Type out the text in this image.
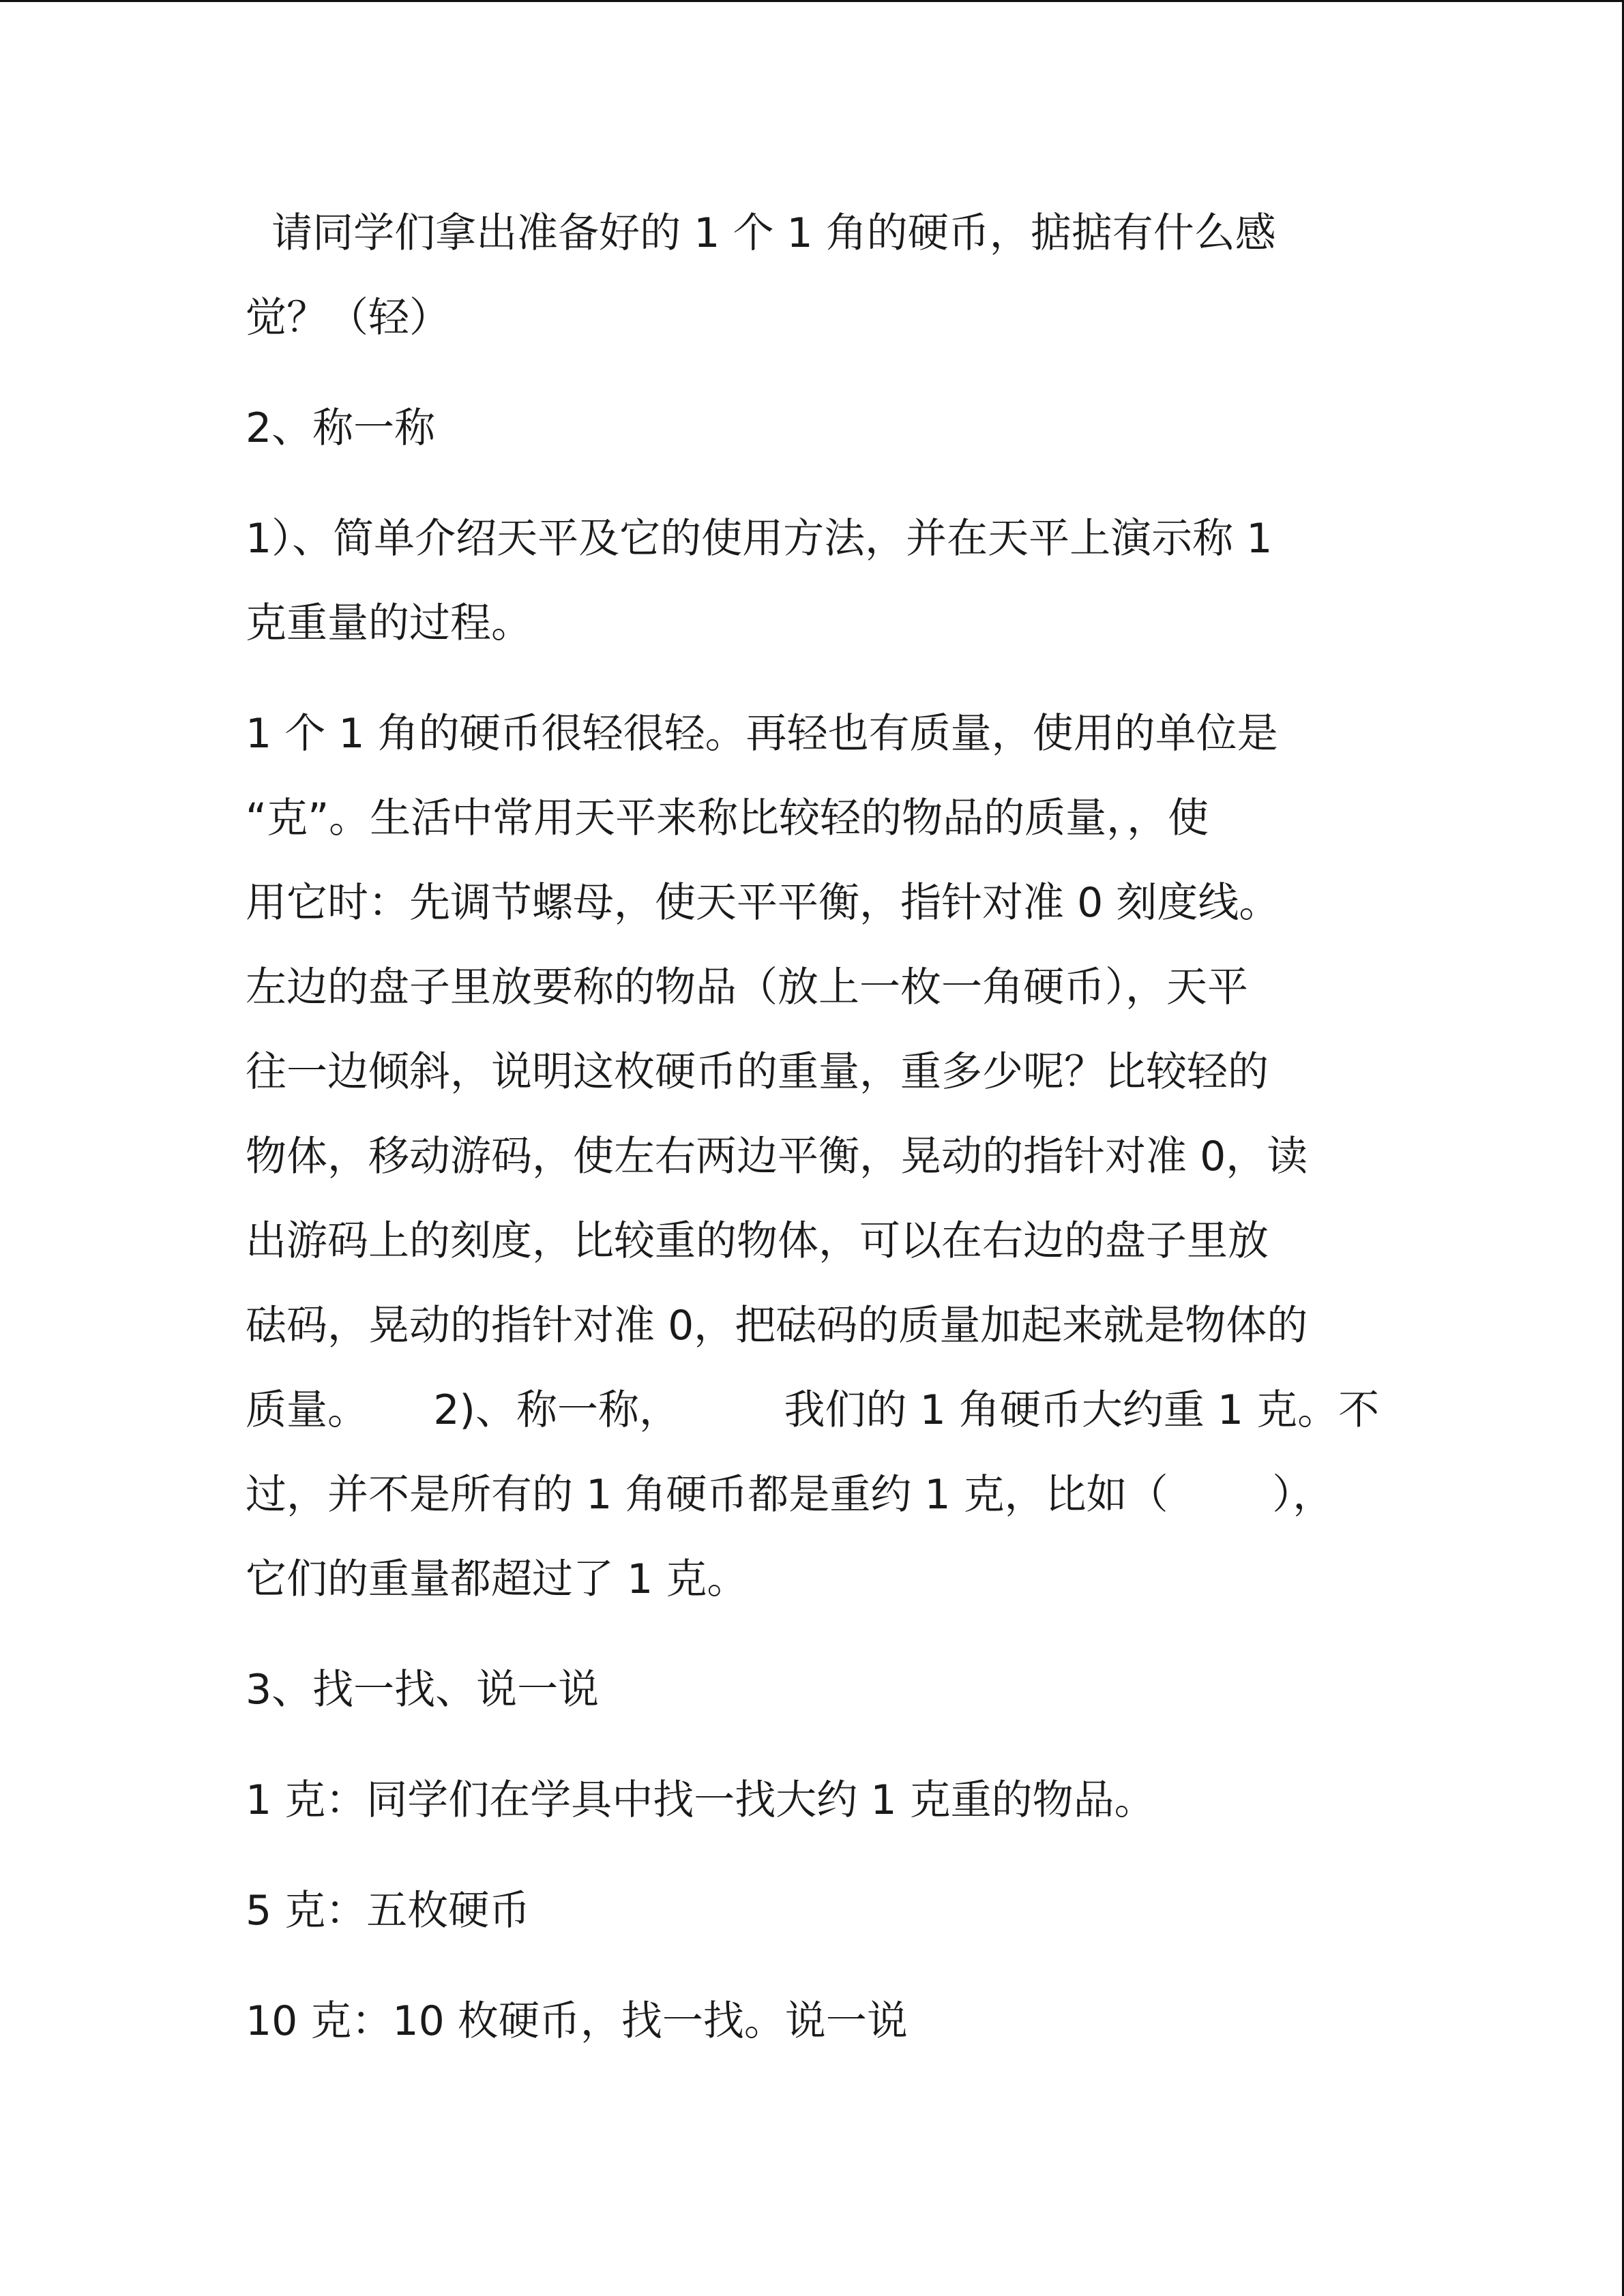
请同学们拿出准备好的 1 个 1 角的硬币，掂掂有什么感
觉？（轻）
2、称一称
1）、简单介绍天平及它的使用方法，并在天平上演示称 1
克重量的过程。
1 个 1 角的硬币很轻很轻。再轻也有质量，使用的单位是
“克”。生活中常用天平来称比较轻的物品的质量，，使
用它时：先调节螺母，使天平平衡，指针对准 0 刻度线。
左边的盘子里放要称的物品（放上一枚一角硬币），天平
往一边倾斜，说明这枚硬币的重量，重多少呢？比较轻的
物体，移动游码，使左右两边平衡，晃动的指针对准 0，读
出游码上的刻度，比较重的物体，可以在右边的盘子里放
砝码，晃动的指针对准 0，把砝码的质量加起来就是物体的
质量。     2)、称一称，        我们的 1 角硬币大约重 1 克。不
过，并不是所有的 1 角硬币都是重约 1 克，比如（        ），
它们的重量都超过了 1 克。
3、找一找、说一说
1 克：同学们在学具中找一找大约 1 克重的物品。
5 克：五枚硬币
10 克：10 枚硬币，找一找。说一说
